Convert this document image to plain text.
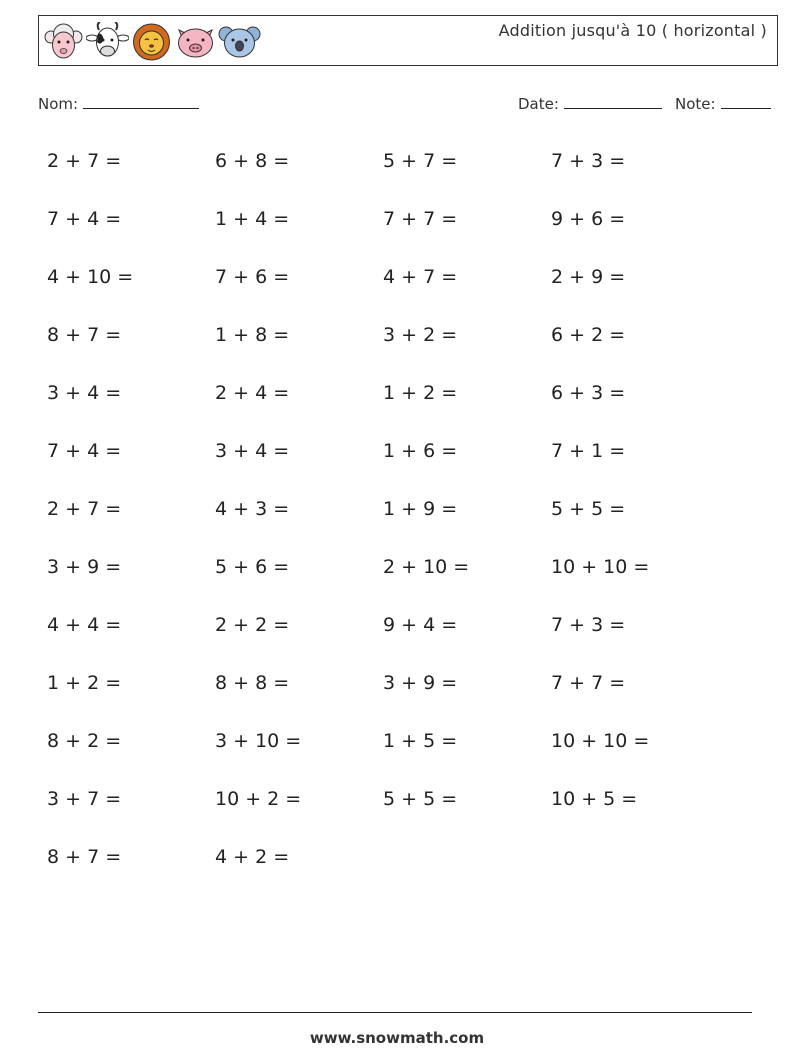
Addition jusqu'à 10 ( horizontal )
Nom:	Date:	Note:
2 + 7 =	6 + 8 =	5 + 7 =	7 + 3 =
7 + 4 =	1 + 4 =	7 + 7 =	9 + 6 =
4 + 10 =	7 + 6 =	4 + 7 =	2 + 9 =
8 + 7 =	1 + 8 =	3 + 2 =	6 + 2 =
3 + 4 =	2 + 4 =	1 + 2 =	6 + 3 =
7 + 4 =	3 + 4 =	1 + 6 =	7 + 1 =
2 + 7 =	4 + 3 =	1 + 9 =	5 + 5 =
3 + 9 =	5 + 6 =	2 + 10 =	10 + 10 =
4 + 4 =	2 + 2 =	9 + 4 =	7 + 3 =
1 + 2 =	8 + 8 =	3 + 9 =	7 + 7 =
8 + 2 =	3 + 10 =	1 + 5 =	10 + 10 =
3 + 7 =	10 + 2 =	5 + 5 =	10 + 5 =
8 + 7 =	4 + 2 =
www.snowmath.com
